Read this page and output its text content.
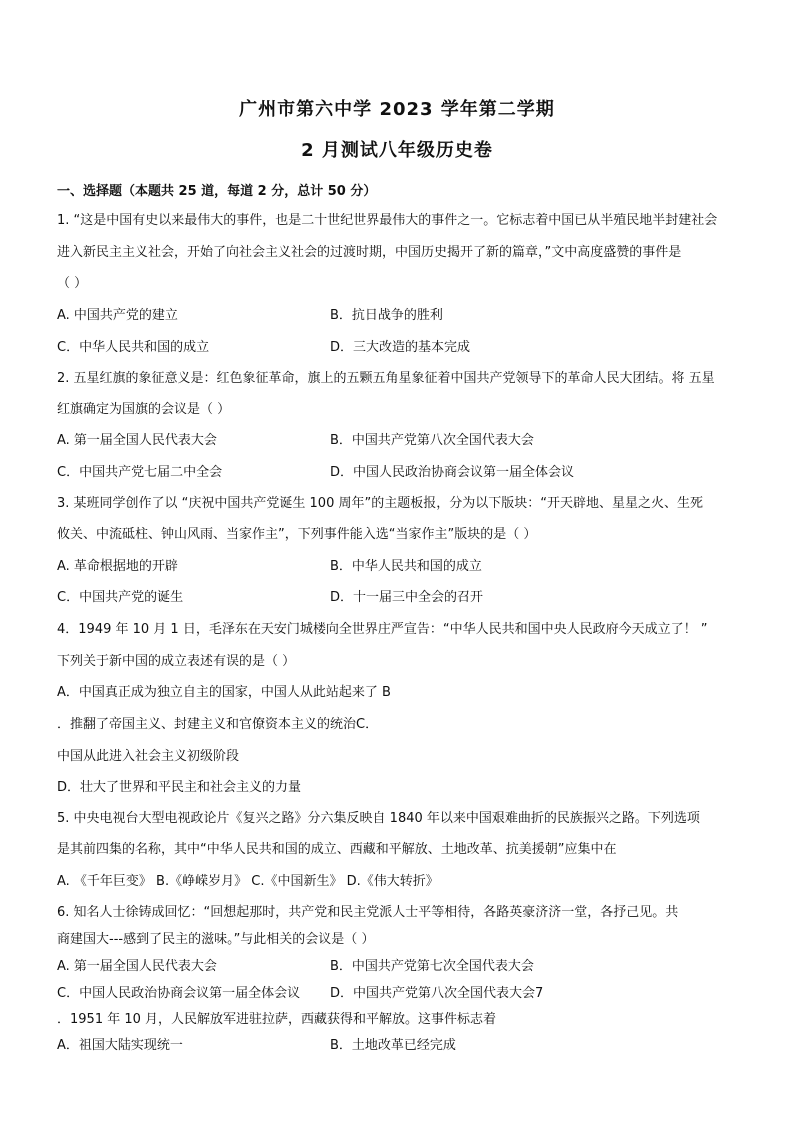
广州市第六中学 2023 学年第二学期
2 月测试八年级历史卷
一、选择题（本题共 25 道，每道 2 分，总计 50 分）
1. “这是中国有史以来最伟大的事件，也是二十世纪世界最伟大的事件之一。它标志着中国已从半殖民地半封建社会
进入新民主主义社会，开始了向社会主义社会的过渡时期，中国历史揭开了新的篇章，”文中高度盛赞的事件是
（ ）
A. 中国共产党的建立	B．抗日战争的胜利
C．中华人民共和国的成立	D．三大改造的基本完成
2. 五星红旗的象征意义是：红色象征革命，旗上的五颗五角星象征着中国共产党领导下的革命人民大团结。将 五星
红旗确定为国旗的会议是（ ）
A. 第一届全国人民代表大会	B．中国共产党第八次全国代表大会
C．中国共产党七届二中全会	D．中国人民政治协商会议第一届全体会议
3. 某班同学创作了以 “庆祝中国共产党诞生 100 周年”的主题板报，分为以下版块：“开天辟地、星星之火、生死
攸关、中流砥柱、钟山风雨、当家作主”，下列事件能入选“当家作主”版块的是（ ）
A. 革命根据地的开辟	B．中华人民共和国的成立
C．中国共产党的诞生	D．十一届三中全会的召开
4．1949 年 10 月 1 日，毛泽东在天安门城楼向全世界庄严宣告：“中华人民共和国中央人民政府今天成立了！ ”
下列关于新中国的成立表述有误的是（ ）
A．中国真正成为独立自主的国家，中国人从此站起来了 B
．推翻了帝国主义、封建主义和官僚资本主义的统治C．
中国从此进入社会主义初级阶段
D．壮大了世界和平民主和社会主义的力量
5. 中央电视台大型电视政论片《复兴之路》分六集反映自 1840 年以来中国艰难曲折的民族振兴之路。下列选项
是其前四集的名称，其中“中华人民共和国的成立、西藏和平解放、土地改革、抗美援朝”应集中在
A. 《千年巨变》 B.《峥嵘岁月》 C.《中国新生》 D.《伟大转折》
6. 知名人士徐铸成回忆：“回想起那时，共产党和民主党派人士平等相待，各路英豪济济一堂，各抒己见。共
商建国大---感到了民主的滋味。”与此相关的会议是（ ）
A. 第一届全国人民代表大会	B．中国共产党第七次全国代表大会
C．中国人民政治协商会议第一届全体会议 D．中国共产党第八次全国代表大会7
．1951 年 10 月，人民解放军进驻拉萨，西藏获得和平解放。这事件标志着
A．祖国大陆实现统一	B．土地改革已经完成
